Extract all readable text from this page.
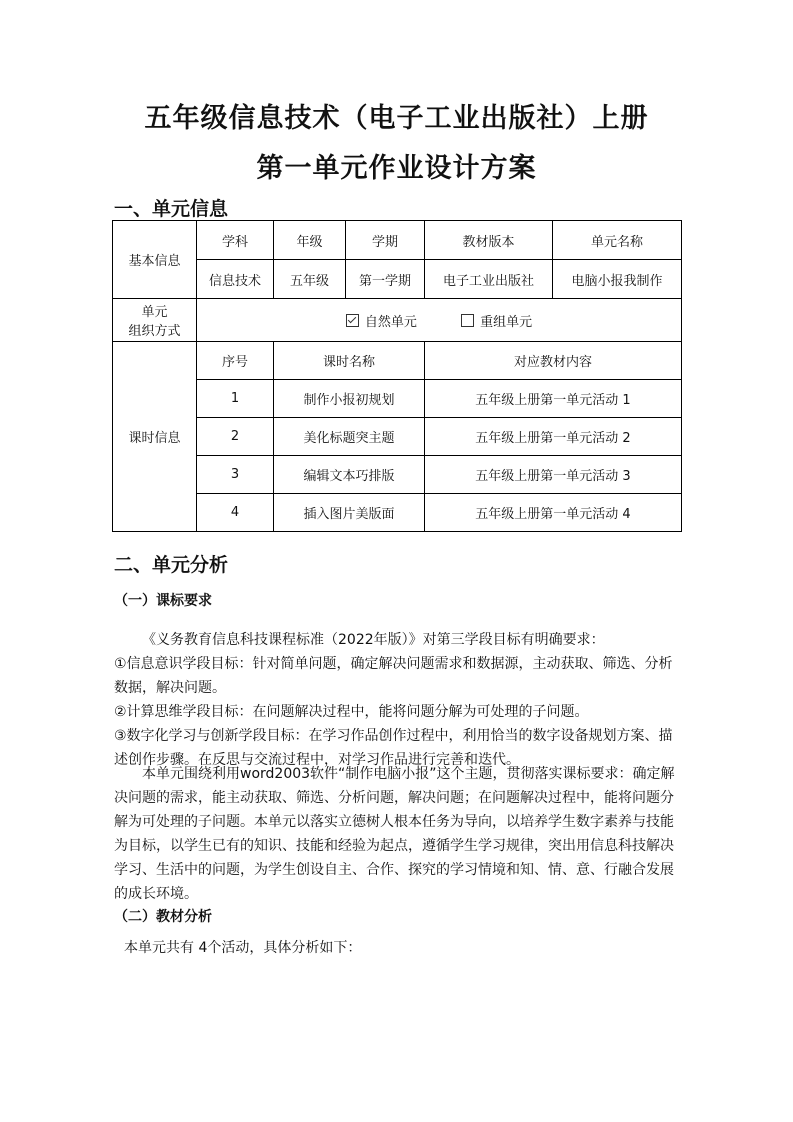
五年级信息技术（电子工业出版社）上册
第一单元作业设计方案
一、单元信息
基本信息	学科	年级	学期	教材版本	单元名称
	信息技术	五年级	第一学期	电子工业出版社	电脑小报我制作

单元
组织方式	自然单元 重组单元				
课时信息	序号	课时名称		对应教材内容	
	1	制作小报初规划		五年级上册第一单元活动 1	
	2	美化标题突主题		五年级上册第一单元活动 2	
	3	编辑文本巧排版		五年级上册第一单元活动 3	
	4	插入图片美版面		五年级上册第一单元活动 4	
二、单元分析
（一）课标要求

《义务教育信息科技课程标准（2022年版）》对第三学段目标有明确要求：

①信息意识学段目标：针对简单问题，确定解决问题需求和数据源，主动获取、筛选、分析数据，解决问题。

②计算思维学段目标：在问题解决过程中，能将问题分解为可处理的子问题。

③数字化学习与创新学段目标：在学习作品创作过程中，利用恰当的数字设备规划方案、描述创作步骤。在反思与交流过程中，对学习作品进行完善和迭代。

本单元围绕利用word2003软件“制作电脑小报”这个主题，贯彻落实课标要求：确定解决问题的需求，能主动获取、筛选、分析问题，解决问题；在问题解决过程中，能将问题分解为可处理的子问题。本单元以落实立德树人根本任务为导向，以培养学生数字素养与技能为目标，以学生已有的知识、技能和经验为起点，遵循学生学习规律，突出用信息科技解决学习、生活中的问题，为学生创设自主、合作、探究的学习情境和知、情、意、行融合发展的成长环境。

（二）教材分析

本单元共有 4个活动，具体分析如下：
